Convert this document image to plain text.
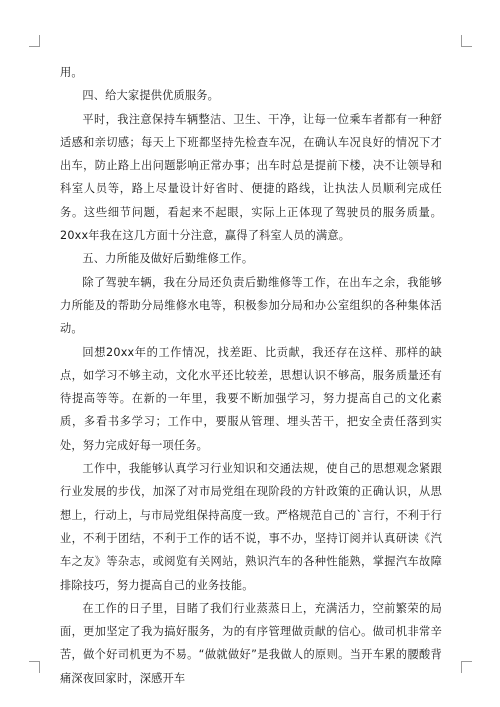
用。

四、给大家提供优质服务。

平时，我注意保持车辆整洁、卫生、干净，让每一位乘车者都有一种舒适感和亲切感；每天上下班都坚持先检查车况，在确认车况良好的情况下才出车，防止路上出问题影响正常办事；出车时总是提前下楼，决不让领导和科室人员等，路上尽量设计好省时、便捷的路线，让执法人员顺利完成任务。这些细节问题，看起来不起眼，实际上正体现了驾驶员的服务质量。20xx年我在这几方面十分注意，赢得了科室人员的满意。

五、力所能及做好后勤维修工作。

除了驾驶车辆，我在分局还负责后勤维修等工作，在出车之余，我能够力所能及的帮助分局维修水电等，积极参加分局和办公室组织的各种集体活动。

回想20xx年的工作情况，找差距、比贡献，我还存在这样、那样的缺点，如学习不够主动，文化水平还比较差，思想认识不够高，服务质量还有待提高等等。在新的一年里，我要不断加强学习，努力提高自己的文化素质，多看书多学习；工作中，要服从管理、埋头苦干，把安全责任落到实处，努力完成好每一项任务。

工作中，我能够认真学习行业知识和交通法规，使自己的思想观念紧跟行业发展的步伐，加深了对市局党组在现阶段的方针政策的正确认识，从思想上，行动上，与市局党组保持高度一致。严格规范自己的`言行，不利于行业，不利于团结，不利于工作的话不说，事不办，坚持订阅并认真研读《汽车之友》等杂志，或阅览有关网站，熟识汽车的各种性能熟，掌握汽车故障排除技巧，努力提高自己的业务技能。

在工作的日子里，目睹了我们行业蒸蒸日上，充满活力，空前繁荣的局面，更加坚定了我为搞好服务，为的有序管理做贡献的信心。做司机非常辛苦，做个好司机更为不易。“做就做好”是我做人的原则。当开车累的腰酸背痛深夜回家时，深感开车
